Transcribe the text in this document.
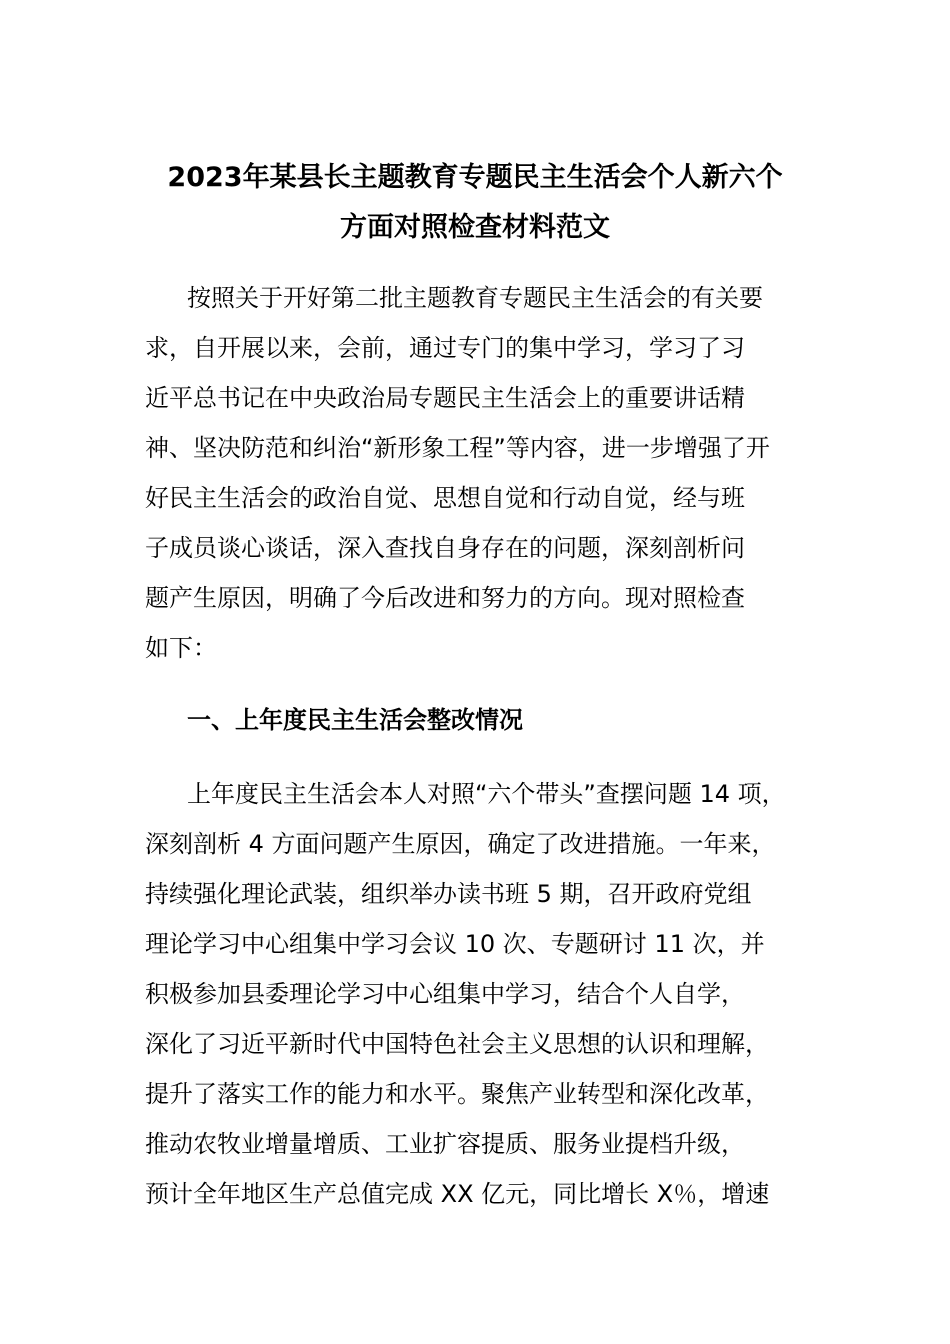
2023年某县长主题教育专题民主生活会个人新六个
方面对照检查材料范文
按照关于开好第二批主题教育专题民主生活会的有关要
求，自开展以来，会前，通过专门的集中学习，学习了习
近平总书记在中央政治局专题民主生活会上的重要讲话精
神、坚决防范和纠治“新形象工程”等内容，进一步增强了开
好民主生活会的政治自觉、思想自觉和行动自觉，经与班
子成员谈心谈话，深入查找自身存在的问题，深刻剖析问
题产生原因，明确了今后改进和努力的方向。现对照检查
如下：
一、上年度民主生活会整改情况
上年度民主生活会本人对照“六个带头”查摆问题 14 项，
深刻剖析 4 方面问题产生原因，确定了改进措施。一年来，
持续强化理论武装，组织举办读书班 5 期，召开政府党组
理论学习中心组集中学习会议 10 次、专题研讨 11 次，并
积极参加县委理论学习中心组集中学习，结合个人自学，
深化了习近平新时代中国特色社会主义思想的认识和理解，
提升了落实工作的能力和水平。聚焦产业转型和深化改革，
推动农牧业增量增质、工业扩容提质、服务业提档升级，
预计全年地区生产总值完成 XX 亿元，同比增长 X％，增速
